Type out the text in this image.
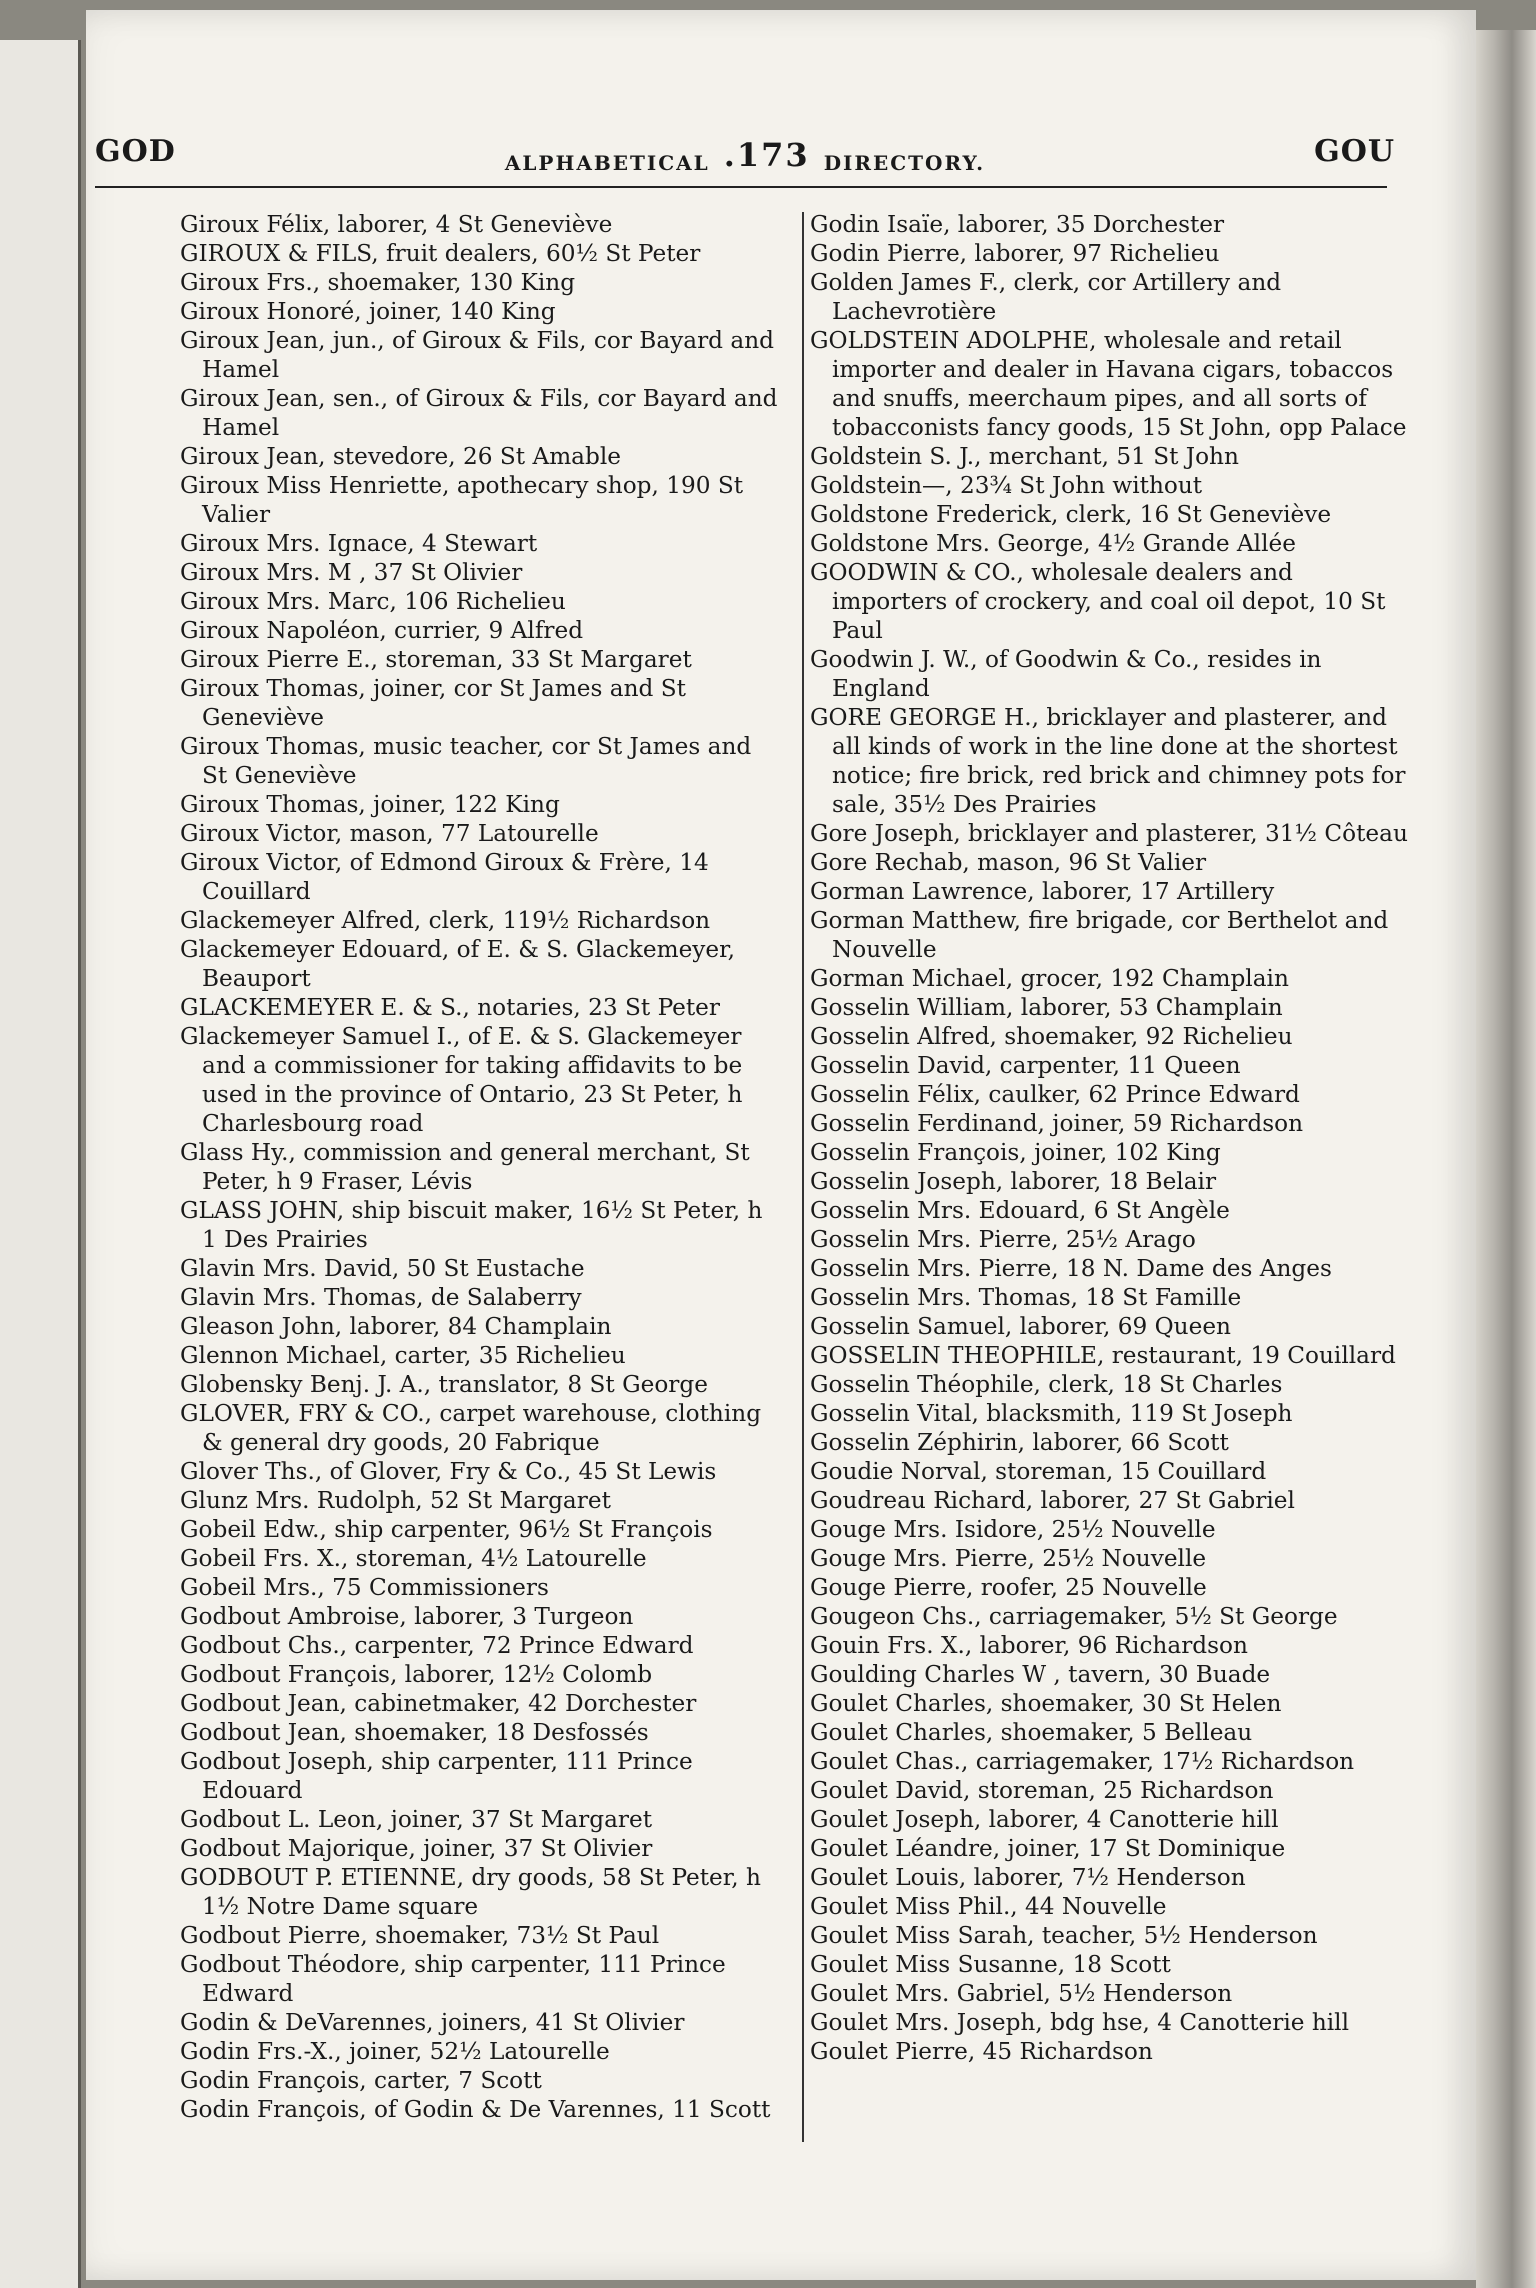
GOD	ALPHABETICAL .173 DIRECTORY.	GOU

Giroux Félix, laborer, 4 St Geneviève

GIROUX & FILS, fruit dealers, 60½ St Peter

Giroux Frs., shoemaker, 130 King

Giroux Honoré, joiner, 140 King

Giroux Jean, jun., of Giroux & Fils, cor Bayard and Hamel

Giroux Jean, sen., of Giroux & Fils, cor Bayard and Hamel

Giroux Jean, stevedore, 26 St Amable

Giroux Miss Henriette, apothecary shop, 190 St Valier

Giroux Mrs. Ignace, 4 Stewart

Giroux Mrs. M , 37 St Olivier

Giroux Mrs. Marc, 106 Richelieu

Giroux Napoléon, currier, 9 Alfred

Giroux Pierre E., storeman, 33 St Margaret

Giroux Thomas, joiner, cor St James and St Geneviève

Giroux Thomas, music teacher, cor St James and St Geneviève

Giroux Thomas, joiner, 122 King

Giroux Victor, mason, 77 Latourelle

Giroux Victor, of Edmond Giroux & Frère, 14 Couillard

Glackemeyer Alfred, clerk, 119½ Richardson

Glackemeyer Edouard, of E. & S. Glackemeyer, Beauport

GLACKEMEYER E. & S., notaries, 23 St Peter

Glackemeyer Samuel I., of E. & S. Glackemeyer and a commissioner for taking affidavits to be used in the province of Ontario, 23 St Peter, h Charlesbourg road

Glass Hy., commission and general merchant, St Peter, h 9 Fraser, Lévis

GLASS JOHN, ship biscuit maker, 16½ St Peter, h 1 Des Prairies

Glavin Mrs. David, 50 St Eustache

Glavin Mrs. Thomas, de Salaberry

Gleason John, laborer, 84 Champlain

Glennon Michael, carter, 35 Richelieu

Globensky Benj. J. A., translator, 8 St George

GLOVER, FRY & CO., carpet warehouse, clothing & general dry goods, 20 Fabrique

Glover Ths., of Glover, Fry & Co., 45 St Lewis

Glunz Mrs. Rudolph, 52 St Margaret

Gobeil Edw., ship carpenter, 96½ St François

Gobeil Frs. X., storeman, 4½ Latourelle

Gobeil Mrs., 75 Commissioners

Godbout Ambroise, laborer, 3 Turgeon

Godbout Chs., carpenter, 72 Prince Edward

Godbout François, laborer, 12½ Colomb

Godbout Jean, cabinetmaker, 42 Dorchester

Godbout Jean, shoemaker, 18 Desfossés

Godbout Joseph, ship carpenter, 111 Prince Edouard

Godbout L. Leon, joiner, 37 St Margaret

Godbout Majorique, joiner, 37 St Olivier

GODBOUT P. ETIENNE, dry goods, 58 St Peter, h 1½ Notre Dame square

Godbout Pierre, shoemaker, 73½ St Paul

Godbout Théodore, ship carpenter, 111 Prince Edward

Godin & DeVarennes, joiners, 41 St Olivier

Godin Frs.-X., joiner, 52½ Latourelle

Godin François, carter, 7 Scott

Godin François, of Godin & De Varennes, 11 Scott

Godin Isaïe, laborer, 35 Dorchester

Godin Pierre, laborer, 97 Richelieu

Golden James F., clerk, cor Artillery and Lachevrotière

GOLDSTEIN ADOLPHE, wholesale and retail importer and dealer in Havana cigars, tobaccos and snuffs, meerchaum pipes, and all sorts of tobacconists fancy goods, 15 St John, opp Palace

Goldstein S. J., merchant, 51 St John

Goldstein—, 23¾ St John without

Goldstone Frederick, clerk, 16 St Geneviève

Goldstone Mrs. George, 4½ Grande Allée

GOODWIN & CO., wholesale dealers and importers of crockery, and coal oil depot, 10 St Paul

Goodwin J. W., of Goodwin & Co., resides in England

GORE GEORGE H., bricklayer and plasterer, and all kinds of work in the line done at the shortest notice; fire brick, red brick and chimney pots for sale, 35½ Des Prairies

Gore Joseph, bricklayer and plasterer, 31½ Côteau

Gore Rechab, mason, 96 St Valier

Gorman Lawrence, laborer, 17 Artillery

Gorman Matthew, fire brigade, cor Berthelot and Nouvelle

Gorman Michael, grocer, 192 Champlain

Gosselin William, laborer, 53 Champlain

Gosselin Alfred, shoemaker, 92 Richelieu

Gosselin David, carpenter, 11 Queen

Gosselin Félix, caulker, 62 Prince Edward

Gosselin Ferdinand, joiner, 59 Richardson

Gosselin François, joiner, 102 King

Gosselin Joseph, laborer, 18 Belair

Gosselin Mrs. Edouard, 6 St Angèle

Gosselin Mrs. Pierre, 25½ Arago

Gosselin Mrs. Pierre, 18 N. Dame des Anges

Gosselin Mrs. Thomas, 18 St Famille

Gosselin Samuel, laborer, 69 Queen

GOSSELIN THEOPHILE, restaurant, 19 Couillard

Gosselin Théophile, clerk, 18 St Charles

Gosselin Vital, blacksmith, 119 St Joseph

Gosselin Zéphirin, laborer, 66 Scott

Goudie Norval, storeman, 15 Couillard

Goudreau Richard, laborer, 27 St Gabriel

Gouge Mrs. Isidore, 25½ Nouvelle

Gouge Mrs. Pierre, 25½ Nouvelle

Gouge Pierre, roofer, 25 Nouvelle

Gougeon Chs., carriagemaker, 5½ St George

Gouin Frs. X., laborer, 96 Richardson

Goulding Charles W , tavern, 30 Buade

Goulet Charles, shoemaker, 30 St Helen

Goulet Charles, shoemaker, 5 Belleau

Goulet Chas., carriagemaker, 17½ Richardson

Goulet David, storeman, 25 Richardson

Goulet Joseph, laborer, 4 Canotterie hill

Goulet Léandre, joiner, 17 St Dominique

Goulet Louis, laborer, 7½ Henderson

Goulet Miss Phil., 44 Nouvelle

Goulet Miss Sarah, teacher, 5½ Henderson

Goulet Miss Susanne, 18 Scott

Goulet Mrs. Gabriel, 5½ Henderson

Goulet Mrs. Joseph, bdg hse, 4 Canotterie hill

Goulet Pierre, 45 Richardson
